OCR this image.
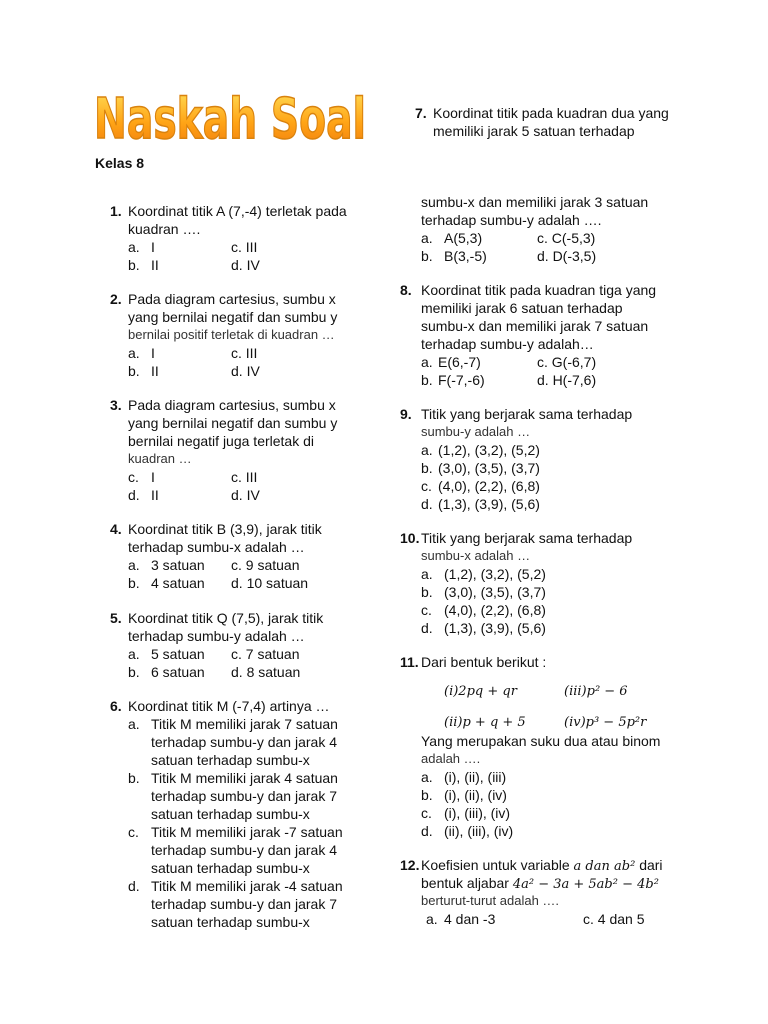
Naskah Soal
Kelas 8
1. Koordinat titik A (7,-4) terletak pada
kuadran ….
a. I	c. III
b. II	d. IV
2. Pada diagram cartesius, sumbu x
yang bernilai negatif dan sumbu y
bernilai positif terletak di kuadran …
a. I	c. III
b. II	d. IV
3. Pada diagram cartesius, sumbu x
yang bernilai negatif dan sumbu y
bernilai negatif juga terletak di
kuadran …
c. I	c. III
d. II	d. IV
4. Koordinat titik B (3,9), jarak titik
terhadap sumbu-x adalah …
a. 3 satuan c. 9 satuan
b. 4 satuan d. 10 satuan
5. Koordinat titik Q (7,5), jarak titik
terhadap sumbu-y adalah …
a. 5 satuan c. 7 satuan
b. 6 satuan d. 8 satuan
6. Koordinat titik M (-7,4) artinya …
a. Titik M memiliki jarak 7 satuan
terhadap sumbu-y dan jarak 4
satuan terhadap sumbu-x
b. Titik M memiliki jarak 4 satuan
terhadap sumbu-y dan jarak 7
satuan terhadap sumbu-x
c. Titik M memiliki jarak -7 satuan
terhadap sumbu-y dan jarak 4
satuan terhadap sumbu-x
d. Titik M memiliki jarak -4 satuan
terhadap sumbu-y dan jarak 7
satuan terhadap sumbu-x
7. Koordinat titik pada kuadran dua yang
memiliki jarak 5 satuan terhadap
sumbu-x dan memiliki jarak 3 satuan
terhadap sumbu-y adalah ….
a. A(5,3)	c. C(-5,3)
b. B(3,-5)	d. D(-3,5)
8. Koordinat titik pada kuadran tiga yang
memiliki jarak 6 satuan terhadap
sumbu-x dan memiliki jarak 7 satuan
terhadap sumbu-y adalah…
a. E(6,-7)	c. G(-6,7)
b. F(-7,-6)	d. H(-7,6)
9. Titik yang berjarak sama terhadap
sumbu-y adalah …
a. (1,2), (3,2), (5,2)
b. (3,0), (3,5), (3,7)
c. (4,0), (2,2), (6,8)
d. (1,3), (3,9), (5,6)
10. Titik yang berjarak sama terhadap
sumbu-x adalah …
a. (1,2), (3,2), (5,2)
b. (3,0), (3,5), (3,7)
c. (4,0), (2,2), (6,8)
d. (1,3), (3,9), (5,6)
11. Dari bentuk berikut :
(i)2pq + qr	(iii)p² − 6
(ii)p + q + 5	(iv)p³ − 5p²r
Yang merupakan suku dua atau binom
adalah ….
a. (i), (ii), (iii)
b. (i), (ii), (iv)
c. (i), (iii), (iv)
d. (ii), (iii), (iv)
12. Koefisien untuk variable a dan ab² dari
bentuk aljabar 4a² − 3a + 5ab² − 4b²
berturut-turut adalah ….
a. 4 dan -3	c. 4 dan 5
